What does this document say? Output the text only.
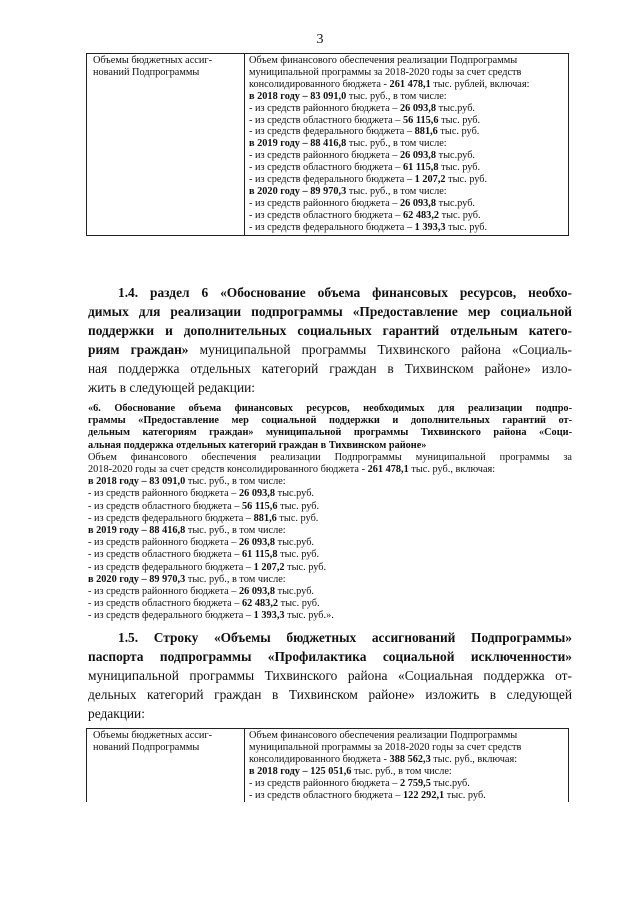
3
Объемы бюджетных ассиг-
нований Подпрограммы

Объем финансового обеспечения реализации Подпрограммы
муниципальной программы за 2018-2020 годы за счет средств
консолидированного бюджета - 261 478,1 тыс. рублей, включая:
в 2018 году – 83 091,0 тыс. руб., в том числе:
- из средств районного бюджета – 26 093,8 тыс.руб.
- из средств областного бюджета – 56 115,6 тыс. руб.
- из средств федерального бюджета – 881,6 тыс. руб.
в 2019 году – 88 416,8 тыс. руб., в том числе:
- из средств районного бюджета – 26 093,8 тыс.руб.
- из средств областного бюджета – 61 115,8 тыс. руб.
- из средств федерального бюджета – 1 207,2 тыс. руб.
в 2020 году – 89 970,3 тыс. руб., в том числе:
- из средств районного бюджета – 26 093,8 тыс.руб.
- из средств областного бюджета – 62 483,2 тыс. руб.
- из средств федерального бюджета – 1 393,3 тыс. руб.
1.4. раздел 6 «Обоснование объема финансовых ресурсов, необхо-
димых для реализации подпрограммы «Предоставление мер социальной
поддержки и дополнительных социальных гарантий отдельным катего-
риям граждан» муниципальной программы Тихвинского района «Социаль-
ная поддержка отдельных категорий граждан в Тихвинском районе» изло-
жить в следующей редакции:
«6. Обоснование объема финансовых ресурсов, необходимых для реализации подпро-
граммы «Предоставление мер социальной поддержки и дополнительных гарантий от-
дельным категориям граждан» муниципальной программы Тихвинского района «Соци-
альная поддержка отдельных категорий граждан в Тихвинском районе»
Объем финансового обеспечения реализации Подпрограммы муниципальной программы за
2018-2020 годы за счет средств консолидированного бюджета - 261 478,1 тыс. руб., включая:
в 2018 году – 83 091,0 тыс. руб., в том числе:
- из средств районного бюджета – 26 093,8 тыс.руб.
- из средств областного бюджета – 56 115,6 тыс. руб.
- из средств федерального бюджета – 881,6 тыс. руб.
в 2019 году – 88 416,8 тыс. руб., в том числе:
- из средств районного бюджета – 26 093,8 тыс.руб.
- из средств областного бюджета – 61 115,8 тыс. руб.
- из средств федерального бюджета – 1 207,2 тыс. руб.
в 2020 году – 89 970,3 тыс. руб., в том числе:
- из средств районного бюджета – 26 093,8 тыс.руб.
- из средств областного бюджета – 62 483,2 тыс. руб.
- из средств федерального бюджета – 1 393,3 тыс. руб.».
1.5. Строку «Объемы бюджетных ассигнований Подпрограммы»
паспорта подпрограммы «Профилактика социальной исключенности»
муниципальной программы Тихвинского района «Социальная поддержка от-
дельных категорий граждан в Тихвинском районе» изложить в следующей
редакции:
Объемы бюджетных ассиг-
нований Подпрограммы

Объем финансового обеспечения реализации Подпрограммы
муниципальной программы за 2018-2020 годы за счет средств
консолидированного бюджета - 388 562,3 тыс. руб., включая:
в 2018 году – 125 051,6 тыс. руб., в том числе:
- из средств районного бюджета – 2 759,5 тыс.руб.
- из средств областного бюджета – 122 292,1 тыс. руб.
